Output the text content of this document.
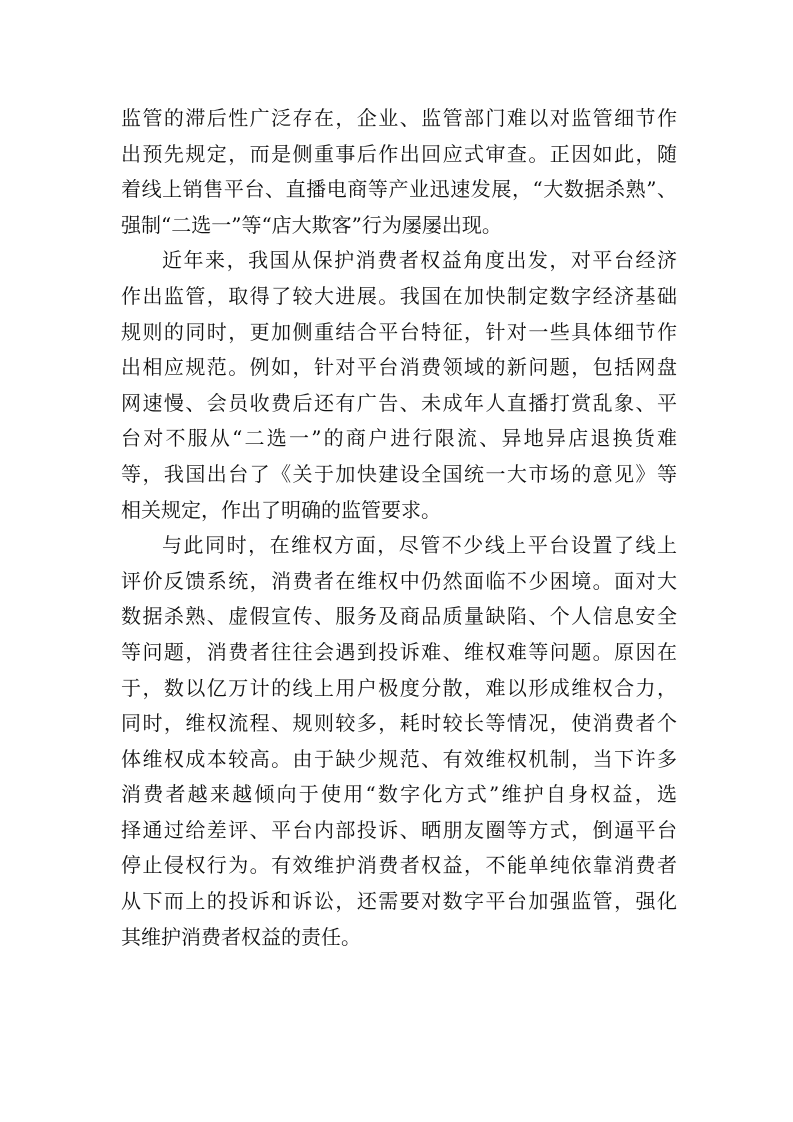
监管的滞后性广泛存在，企业、监管部门难以对监管细节作
出预先规定，而是侧重事后作出回应式审查。正因如此，随
着线上销售平台、直播电商等产业迅速发展，“大数据杀熟”、
强制“二选一”等“店大欺客”行为屡屡出现。
近年来，我国从保护消费者权益角度出发，对平台经济
作出监管，取得了较大进展。我国在加快制定数字经济基础
规则的同时，更加侧重结合平台特征，针对一些具体细节作
出相应规范。例如，针对平台消费领域的新问题，包括网盘
网速慢、会员收费后还有广告、未成年人直播打赏乱象、平
台对不服从“二选一”的商户进行限流、异地异店退换货难
等，我国出台了《关于加快建设全国统一大市场的意见》等
相关规定，作出了明确的监管要求。
与此同时，在维权方面，尽管不少线上平台设置了线上
评价反馈系统，消费者在维权中仍然面临不少困境。面对大
数据杀熟、虚假宣传、服务及商品质量缺陷、个人信息安全
等问题，消费者往往会遇到投诉难、维权难等问题。原因在
于，数以亿万计的线上用户极度分散，难以形成维权合力，
同时，维权流程、规则较多，耗时较长等情况，使消费者个
体维权成本较高。由于缺少规范、有效维权机制，当下许多
消费者越来越倾向于使用“数字化方式”维护自身权益，选
择通过给差评、平台内部投诉、晒朋友圈等方式，倒逼平台
停止侵权行为。有效维护消费者权益，不能单纯依靠消费者
从下而上的投诉和诉讼，还需要对数字平台加强监管，强化
其维护消费者权益的责任。
